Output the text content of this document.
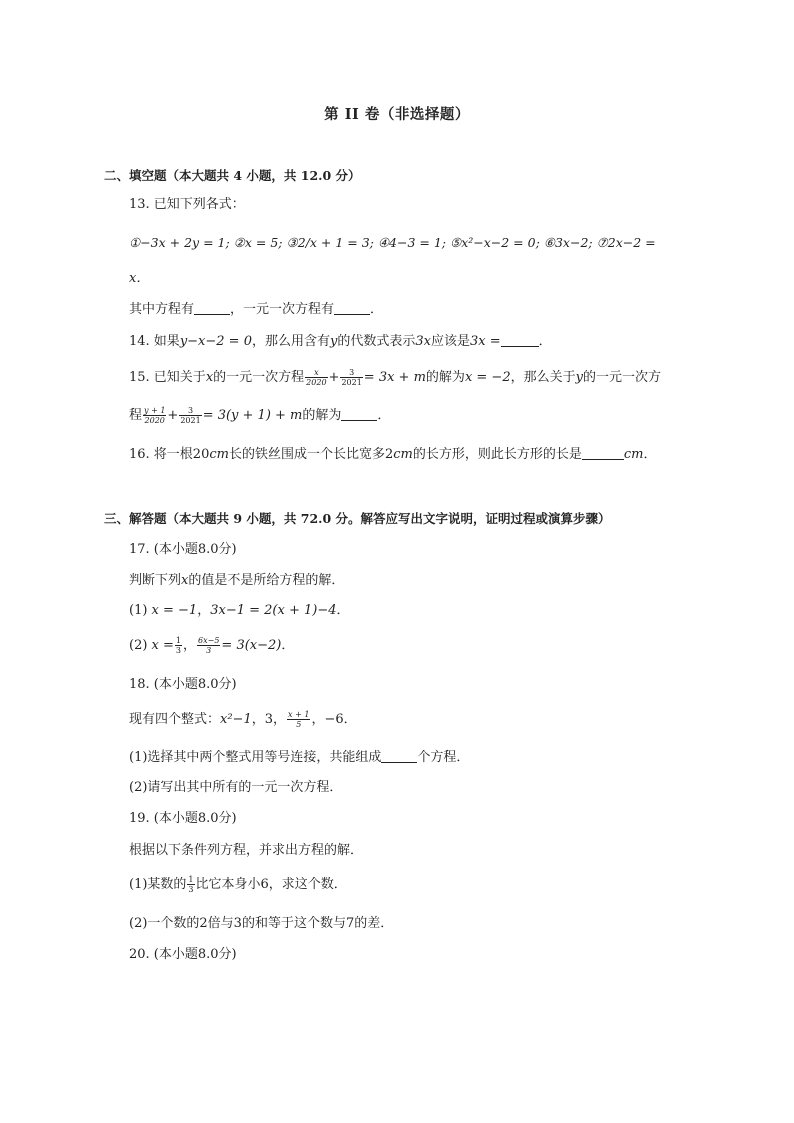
第 II 卷（非选择题）
二、填空题（本大题共 4 小题，共 12.0 分）
13. 已知下列各式：
①−3x + 2y = 1; ②x = 5; ③2/x + 1 = 3; ④4−3 = 1; ⑤x²−x−2 = 0; ⑥3x−2; ⑦2x−2 =
x．
其中方程有	，一元一次方程有	．
14. 如果y−x−2 = 0，那么用含有y的代数式表示3x应该是3x =	．
15. 已知关于x的一元一次方程 $\frac{x}{2020} + \frac{3}{2021} = 3x + m$的解为x = −2，那么关于y的一元一次方
程 $\frac{y + 1}{2020} + \frac{3}{2021} = 3(y + 1) + m$的解为	．
16. 将一根20cm长的铁丝围成一个长比宽多2cm的长方形，则此长方形的长是	cm．
三、解答题（本大题共 9 小题，共 72.0 分。解答应写出文字说明，证明过程或演算步骤）
17. (本小题8.0分)
判断下列x的值是不是所给方程的解．
(1) x = −1，3x−1 = 2(x + 1)−4．
(2) $x = \frac{1}{3}$ ， $\frac{6x-5}{3} = 3(x-2)$．
18. (本小题8.0分)
现有四个整式：x²−1，3， $\frac{x + 1}{5}$ ，−6．
(1)选择其中两个整式用等号连接，共能组成	个方程．
(2)请写出其中所有的一元一次方程．
19. (本小题8.0分)
根据以下条件列方程，并求出方程的解．
(1)某数的 $\frac{1}{3}$ 比它本身小6，求这个数．
(2)一个数的2倍与3的和等于这个数与7的差．
20. (本小题8.0分)
